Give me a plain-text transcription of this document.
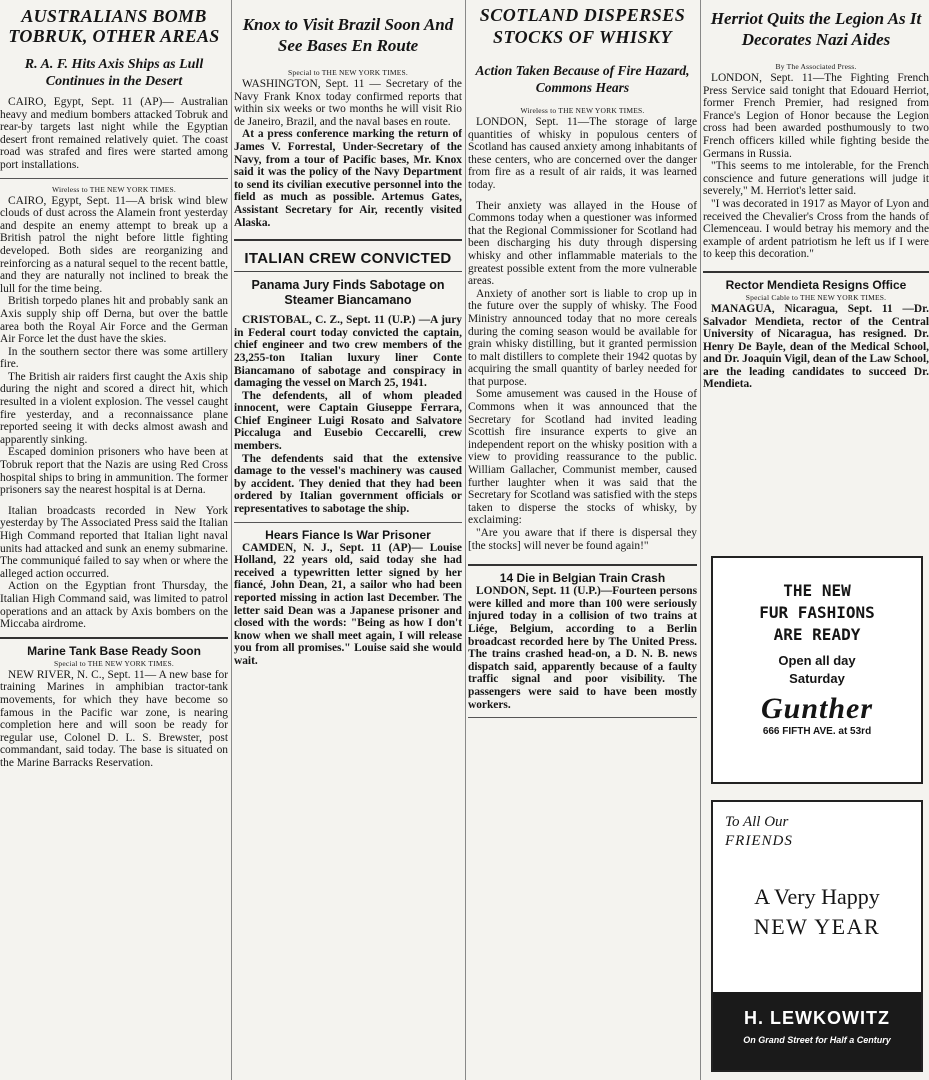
AUSTRALIANS BOMB TOBRUK, OTHER AREAS
R. A. F. Hits Axis Ships as Lull Continues in the Desert

CAIRO, Egypt, Sept. 11 (AP)— Australian heavy and medium bombers attacked Tobruk and rear-by targets last night while the Egyptian desert front remained relatively quiet. The coast road was strafed and fires were started among port installations.

Wireless to THE NEW YORK TIMES.

CAIRO, Egypt, Sept. 11—A brisk wind blew clouds of dust across the Alamein front yesterday and despite an enemy attempt to break up a British patrol the night before little fighting developed. Both sides are reorganizing and reinforcing as a natural sequel to the recent battle, and they are naturally not inclined to break the lull for the time being.

British torpedo planes hit and probably sank an Axis supply ship off Derna, but over the battle area both the Royal Air Force and the German Air Force let the dust have the skies.

In the southern sector there was some artillery fire.

The British air raiders first caught the Axis ship during the night and scored a direct hit, which resulted in a violent explosion. The vessel caught fire yesterday, and a reconnaissance plane reported seeing it with decks almost awash and apparently sinking.

Escaped dominion prisoners who have been at Tobruk report that the Nazis are using Red Cross hospital ships to bring in ammunition. The former prisoners say the nearest hospital is at Derna.

Italian broadcasts recorded in New York yesterday by The Associated Press said the Italian High Command reported that Italian light naval units had attacked and sunk an enemy submarine. The communiqué failed to say when or where the alleged action occurred.

Action on the Egyptian front Thursday, the Italian High Command said, was limited to patrol operations and an attack by Axis bombers on the Miccaba airdrome.

Marine Tank Base Ready Soon
Special to THE NEW YORK TIMES.

NEW RIVER, N. C., Sept. 11— A new base for training Marines in amphibian tractor-tank movements, for which they have become so famous in the Pacific war zone, is nearing completion here and will soon be ready for regular use, Colonel D. L. S. Brewster, post commandant, said today. The base is situated on the Marine Barracks Reservation.

Knox to Visit Brazil Soon And See Bases En Route
Special to THE NEW YORK TIMES.

WASHINGTON, Sept. 11 — Secretary of the Navy Frank Knox today confirmed reports that within six weeks or two months he will visit Rio de Janeiro, Brazil, and the naval bases en route.

At a press conference marking the return of James V. Forrestal, Under-Secretary of the Navy, from a tour of Pacific bases, Mr. Knox said it was the policy of the Navy Department to send its civilian executive personnel into the field as much as possible. Artemus Gates, Assistant Secretary for Air, recently visited Alaska.

ITALIAN CREW CONVICTED
Panama Jury Finds Sabotage on Steamer Biancamano

CRISTOBAL, C. Z., Sept. 11 (U.P.) —A jury in Federal court today convicted the captain, chief engineer and two crew members of the 23,255-ton Italian luxury liner Conte Biancamano of sabotage and conspiracy in damaging the vessel on March 25, 1941.

The defendents, all of whom pleaded innocent, were Captain Giuseppe Ferrara, Chief Engineer Luigi Rosato and Salvatore Piccaluga and Eusebio Ceccarelli, crew members.

The defendents said that the extensive damage to the vessel's machinery was caused by accident. They denied that they had been ordered by Italian government officials or representatives to sabotage the ship.

Hears Fiance Is War Prisoner

CAMDEN, N. J., Sept. 11 (AP)— Louise Holland, 22 years old, said today she had received a typewritten letter signed by her fiancé, John Dean, 21, a sailor who had been reported missing in action last December. The letter said Dean was a Japanese prisoner and closed with the words: "Being as how I don't know when we shall meet again, I will release you from all promises." Louise said she would wait.

SCOTLAND DISPERSES STOCKS OF WHISKY
Action Taken Because of Fire Hazard, Commons Hears
Wireless to THE NEW YORK TIMES.

LONDON, Sept. 11—The storage of large quantities of whisky in populous centers of Scotland has caused anxiety among inhabitants of these centers, who are concerned over the danger from fire as a result of air raids, it was learned today.

Their anxiety was allayed in the House of Commons today when a questioner was informed that the Regional Commissioner for Scotland had been discharging his duty through dispersing whisky and other inflammable materials to the greatest possible extent from the more vulnerable areas.

Anxiety of another sort is liable to crop up in the future over the supply of whisky. The Food Ministry announced today that no more cereals during the coming season would be available for grain whisky distilling, but it granted permission to malt distillers to complete their 1942 quotas by acquiring the small quantity of barley needed for that purpose.

Some amusement was caused in the House of Commons when it was announced that the Secretary for Scotland had invited leading Scottish fire insurance experts to give an independent report on the whisky position with a view to providing reassurance to the public. William Gallacher, Communist member, caused further laughter when it was said that the Secretary for Scotland was satisfied with the steps taken to disperse the stocks of whisky, by exclaiming:

"Are you aware that if there is dispersal they [the stocks] will never be found again!"

14 Die in Belgian Train Crash

LONDON, Sept. 11 (U.P.)—Fourteen persons were killed and more than 100 were seriously injured today in a collision of two trains at Liége, Belgium, according to a Berlin broadcast recorded here by The United Press. The trains crashed head-on, a D. N. B. news dispatch said, apparently because of a faulty traffic signal and poor visibility. The passengers were said to have been mostly workers.

Herriot Quits the Legion As It Decorates Nazi Aides
By The Associated Press.

LONDON, Sept. 11—The Fighting French Press Service said tonight that Edouard Herriot, former French Premier, had resigned from France's Legion of Honor because the Legion cross had been awarded posthumously to two French officers killed while fighting beside the Germans in Russia.

"This seems to me intolerable, for the French conscience and future generations will judge it severely," M. Herriot's letter said.

"I was decorated in 1917 as Mayor of Lyon and received the Chevalier's Cross from the hands of Clemenceau. I would betray his memory and the example of ardent patriotism he left us if I were to keep this decoration."

Rector Mendieta Resigns Office
Special Cable to THE NEW YORK TIMES.

MANAGUA, Nicaragua, Sept. 11 —Dr. Salvador Mendieta, rector of the Central University of Nicaragua, has resigned. Dr. Henry De Bayle, dean of the Medical School, and Dr. Joaquin Vigil, dean of the Law School, are the leading candidates to succeed Dr. Mendieta.

THE NEW
FUR FASHIONS
ARE READY
Open all day
Saturday
Gunther
666 FIFTH AVE. at 53rd
To All Our
FRIENDS
A Very Happy
NEW YEAR
H. LEWKOWITZ
On Grand Street for Half a Century
